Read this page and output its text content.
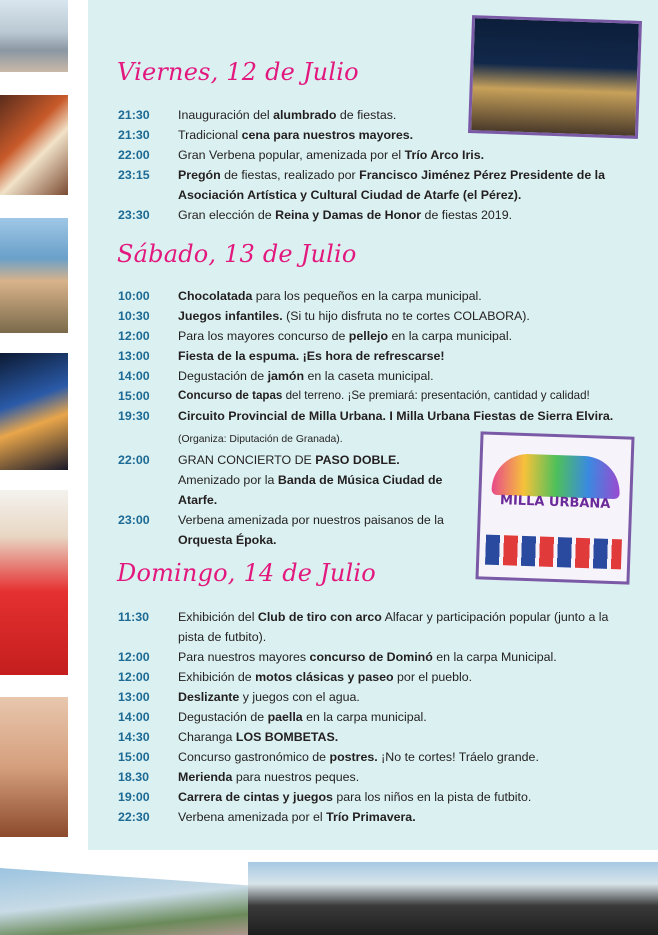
MILLA URBANA
Viernes, 12 de Julio
21:30	Inauguración del alumbrado de fiestas.
21:30	Tradicional cena para nuestros mayores.
22:00	Gran Verbena popular, amenizada por el Trío Arco Iris.
23:15	Pregón de fiestas, realizado por Francisco Jiménez Pérez Presidente de la Asociación Artística y Cultural Ciudad de Atarfe (el Pérez).
23:30	Gran elección de Reina y Damas de Honor de fiestas 2019.
Sábado, 13 de Julio
10:00	Chocolatada para los pequeños en la carpa municipal.
10:30	Juegos infantiles. (Si tu hijo disfruta no te cortes COLABORA).
12:00	Para los mayores concurso de pellejo en la carpa municipal.
13:00	Fiesta de la espuma. ¡Es hora de refrescarse!
14:00	Degustación de jamón en la caseta municipal.
15:00	Concurso de tapas del terreno. ¡Se premiará: presentación, cantidad y calidad!
19:30	Circuito Provincial de Milla Urbana. I Milla Urbana Fiestas de Sierra Elvira. (Organiza: Diputación de Granada).
22:00	GRAN CONCIERTO DE PASO DOBLE.
Amenizado por la Banda de Música Ciudad de Atarfe.
23:00	Verbena amenizada por nuestros paisanos de la Orquesta Époka.
Domingo, 14 de Julio
11:30	Exhibición del Club de tiro con arco Alfacar y participación popular (junto a la pista de futbito).
12:00	Para nuestros mayores concurso de Dominó en la carpa Municipal.
12:00	Exhibición de motos clásicas y paseo por el pueblo.
13:00	Deslizante y juegos con el agua.
14:00	Degustación de paella en la carpa municipal.
14:30	Charanga LOS BOMBETAS.
15:00	Concurso gastronómico de postres. ¡No te cortes! Tráelo grande.
18.30	Merienda para nuestros peques.
19:00	Carrera de cintas y juegos para los niños en la pista de futbito.
22:30	Verbena amenizada por el Trío Primavera.
